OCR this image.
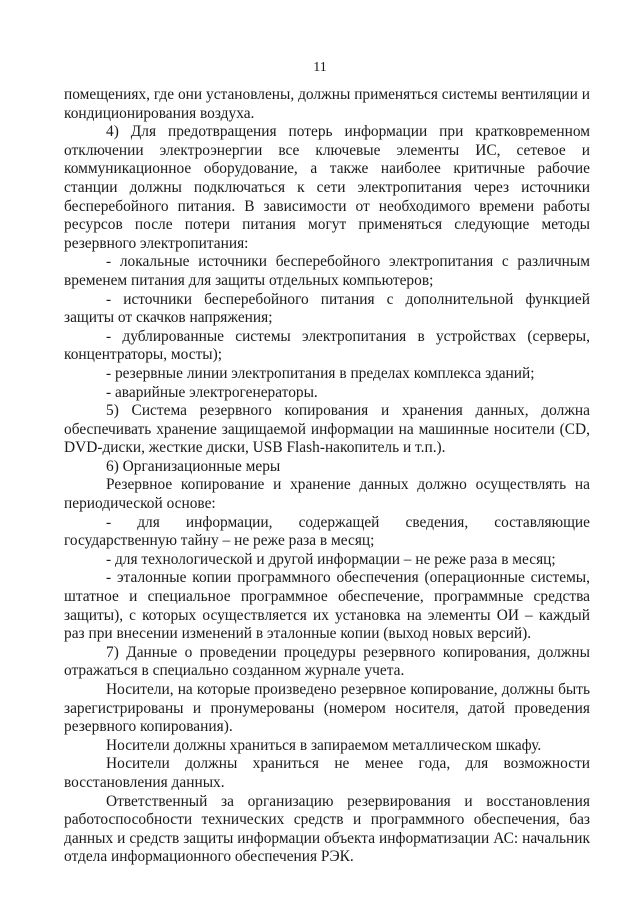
11

помещениях, где они установлены, должны применяться системы вентиляции и кондиционирования воздуха.

4) Для предотвращения потерь информации при кратковременном отключении электроэнергии все ключевые элементы ИС, сетевое и коммуникационное оборудование, а также наиболее критичные рабочие станции должны подключаться к сети электропитания через источники бесперебойного питания. В зависимости от необходимого времени работы ресурсов после потери питания могут применяться следующие методы резервного электропитания:

- локальные источники бесперебойного электропитания с различным временем питания для защиты отдельных компьютеров;

- источники бесперебойного питания с дополнительной функцией защиты от скачков напряжения;

- дублированные системы электропитания в устройствах (серверы, концентраторы, мосты);

- резервные линии электропитания в пределах комплекса зданий;

- аварийные электрогенераторы.

5) Система резервного копирования и хранения данных, должна обеспечивать хранение защищаемой информации на машинные носители (CD, DVD-диски, жесткие диски, USB Flash-накопитель и т.п.).

6) Организационные меры

Резервное копирование и хранение данных должно осуществлять на периодической основе:

- для информации, содержащей сведения, составляющие государственную тайну – не реже раза в месяц;

- для технологической и другой информации – не реже раза в месяц;

- эталонные копии программного обеспечения (операционные системы, штатное и специальное программное обеспечение, программные средства защиты), с которых осуществляется их установка на элементы ОИ – каждый раз при внесении изменений в эталонные копии (выход новых версий).

7) Данные о проведении процедуры резервного копирования, должны отражаться в специально созданном журнале учета.

Носители, на которые произведено резервное копирование, должны быть зарегистрированы и пронумерованы (номером носителя, датой проведения резервного копирования).

Носители должны храниться в запираемом металлическом шкафу.

Носители должны храниться не менее года, для возможности восстановления данных.

Ответственный за организацию резервирования и восстановления работоспособности технических средств и программного обеспечения, баз данных и средств защиты информации объекта информатизации АС: начальник отдела информационного обеспечения РЭК.
